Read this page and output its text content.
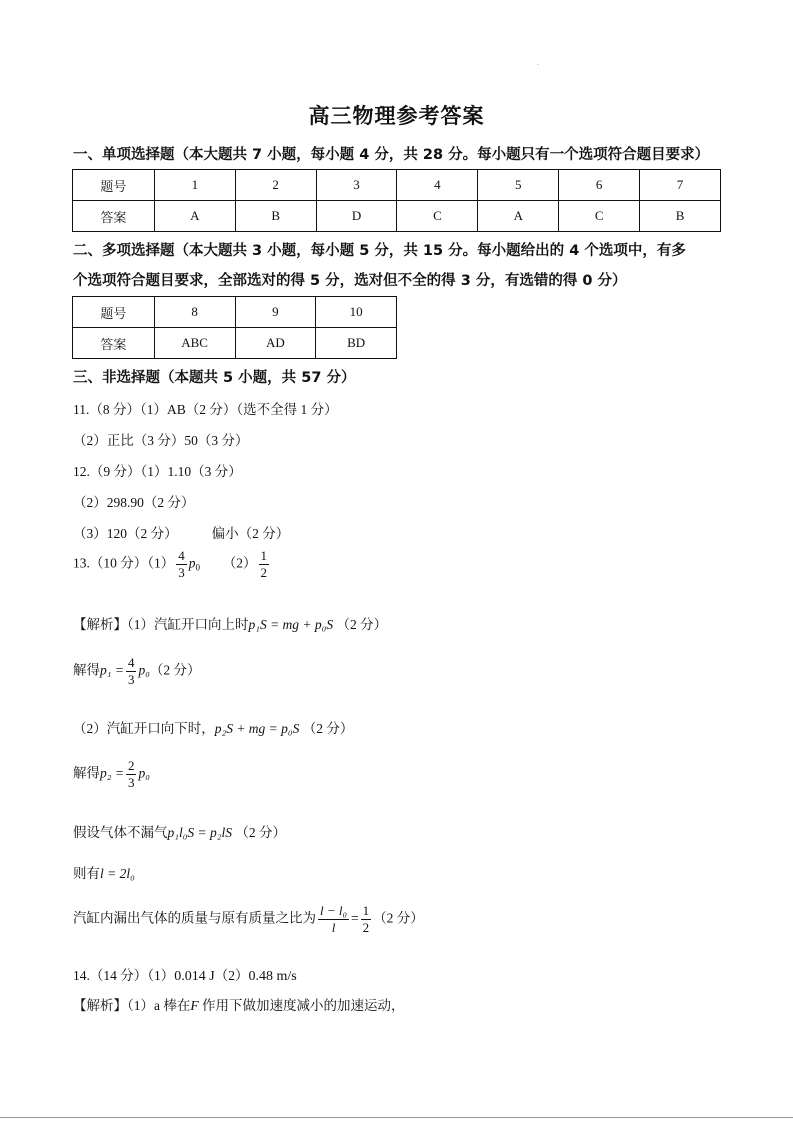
·
高三物理参考答案
一、单项选择题（本大题共 7 小题，每小题 4 分，共 28 分。每小题只有一个选项符合题目要求）
题号	1	2	3	4	5	6	7
答案	A	B	D	C	A	C	B
二、多项选择题（本大题共 3 小题，每小题 5 分，共 15 分。每小题给出的 4 个选项中，有多
个选项符合题目要求，全部选对的得 5 分，选对但不全的得 3 分，有选错的得 0 分）
题号	8	9	10
答案	ABC	AD	BD
三、非选择题（本题共 5 小题，共 57 分）
11.（8 分）（1）AB（2 分）（选不全得 1 分）
（2）正比（3 分）50（3 分）
12.（9 分）（1）1.10（3 分）
（2）298.90（2 分）
（3）120（2 分）	偏小（2 分）
13.（10 分）$(1) \frac{4}{3} p_0$ $(2) \frac{1}{2}$
【解析】（1）汽缸开口向上时p₁S = mg + p₀S （2 分）
解得$p_1 = \frac{4}{3} p_0(2$ 分）
（2）汽缸开口向下时，p₂S + mg = p₀S （2 分）
解得$p_2 = \frac{2}{3} p_0$
假设气体不漏气p₁l₀S = p₂lS （2 分）
则有l = 2l₀
汽缸内漏出气体的质量与原有质量之比为 $\frac{\text{l − l₀}}{l} = \frac{1}{2} (2$ 分）
14.（14 分）（1）0.014 J（2）0.48 m/s
【解析】（1）a 棒在F 作用下做加速度减小的加速运动，
